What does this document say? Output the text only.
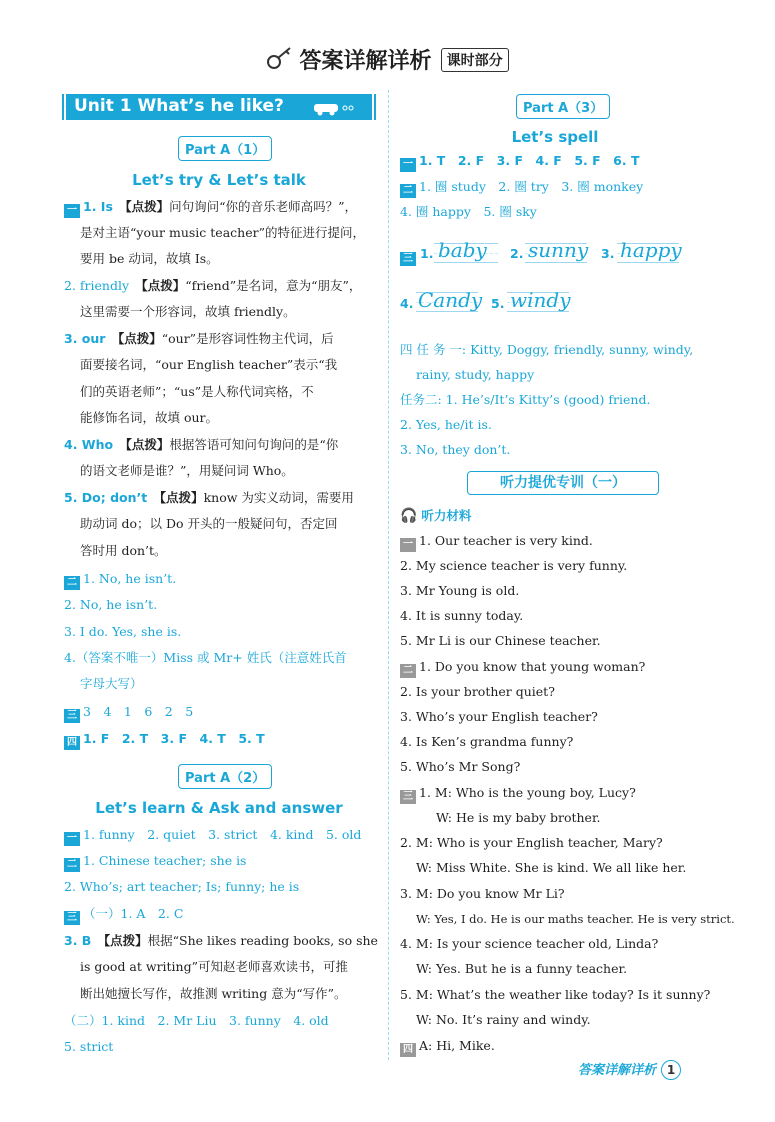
答案详解详析 课时部分
Unit 1 What’s he like?
Part A（1）
Let’s try & Let’s talk
一 1. Is　 【点拨】问句询问“你的音乐老师高吗？”，
是对主语“your music teacher”的特征进行提问，
要用 be 动词，故填 Is。
2. friendly　 【点拨】“friend”是名词，意为“朋友”，
这里需要一个形容词，故填 friendly。
3. our　 【点拨】“our”是形容词性物主代词，后
面要接名词，“our English teacher”表示“我
们的英语老师”；“us”是人称代词宾格，不
能修饰名词，故填 our。
4. Who　 【点拨】根据答语可知问句询问的是“你
的语文老师是谁？”，用疑问词 Who。
5. Do; don’t　 【点拨】know 为实义动词，需要用
助动词 do；以 Do 开头的一般疑问句，否定回
答时用 don’t。
二 1. No, he isn’t.
2. No, he isn’t.
3. I do. Yes, she is.
4.（答案不唯一）Miss 或 Mr+ 姓氏（注意姓氏首
字母大写）
三 3　4　1　6　2　5
四 1. F　2. T　3. F　4. T　5. T
Part A（2）
Let’s learn & Ask and answer
一 1. funny　2. quiet　3. strict　4. kind　5. old
二 1. Chinese teacher; she is
2. Who’s; art teacher; Is; funny; he is
三 （一）1. A　2. C
3. B　 【点拨】根据“She likes reading books, so she
is good at writing”可知赵老师喜欢读书，可推
断出她擅长写作，故推测 writing 意为“写作”。
（二）1. kind　2. Mr Liu　3. funny　4. old
5. strict
Part A（3）
Let’s spell
一 1. T　2. F　3. F　4. F　5. F　6. T
二 1. 圈 study　2. 圈 try　3. 圈 monkey
4. 圈 happy　5. 圈 sky
三 1. baby 2. sunny 3. happy
4. Candy 5. windy
四 任 务 一: Kitty, Doggy, friendly, sunny, windy,
rainy, study, happy
任务二: 1. He’s/It’s Kitty’s (good) friend.
2. Yes, he/it is.
3. No, they don’t.
听力提优专训（一）
🎧 听力材料
一 1. Our teacher is very kind.
2. My science teacher is very funny.
3. Mr Young is old.
4. It is sunny today.
5. Mr Li is our Chinese teacher.
二 1. Do you know that young woman?
2. Is your brother quiet?
3. Who’s your English teacher?
4. Is Ken’s grandma funny?
5. Who’s Mr Song?
三 1. M: Who is the young boy, Lucy?
W: He is my baby brother.
2. M: Who is your English teacher, Mary?
W: Miss White. She is kind. We all like her.
3. M: Do you know Mr Li?
W: Yes, I do. He is our maths teacher. He is very strict.
4. M: Is your science teacher old, Linda?
W: Yes. But he is a funny teacher.
5. M: What’s the weather like today? Is it sunny?
W: No. It’s rainy and windy.
四 A: Hi, Mike.
答案详解详析 1
